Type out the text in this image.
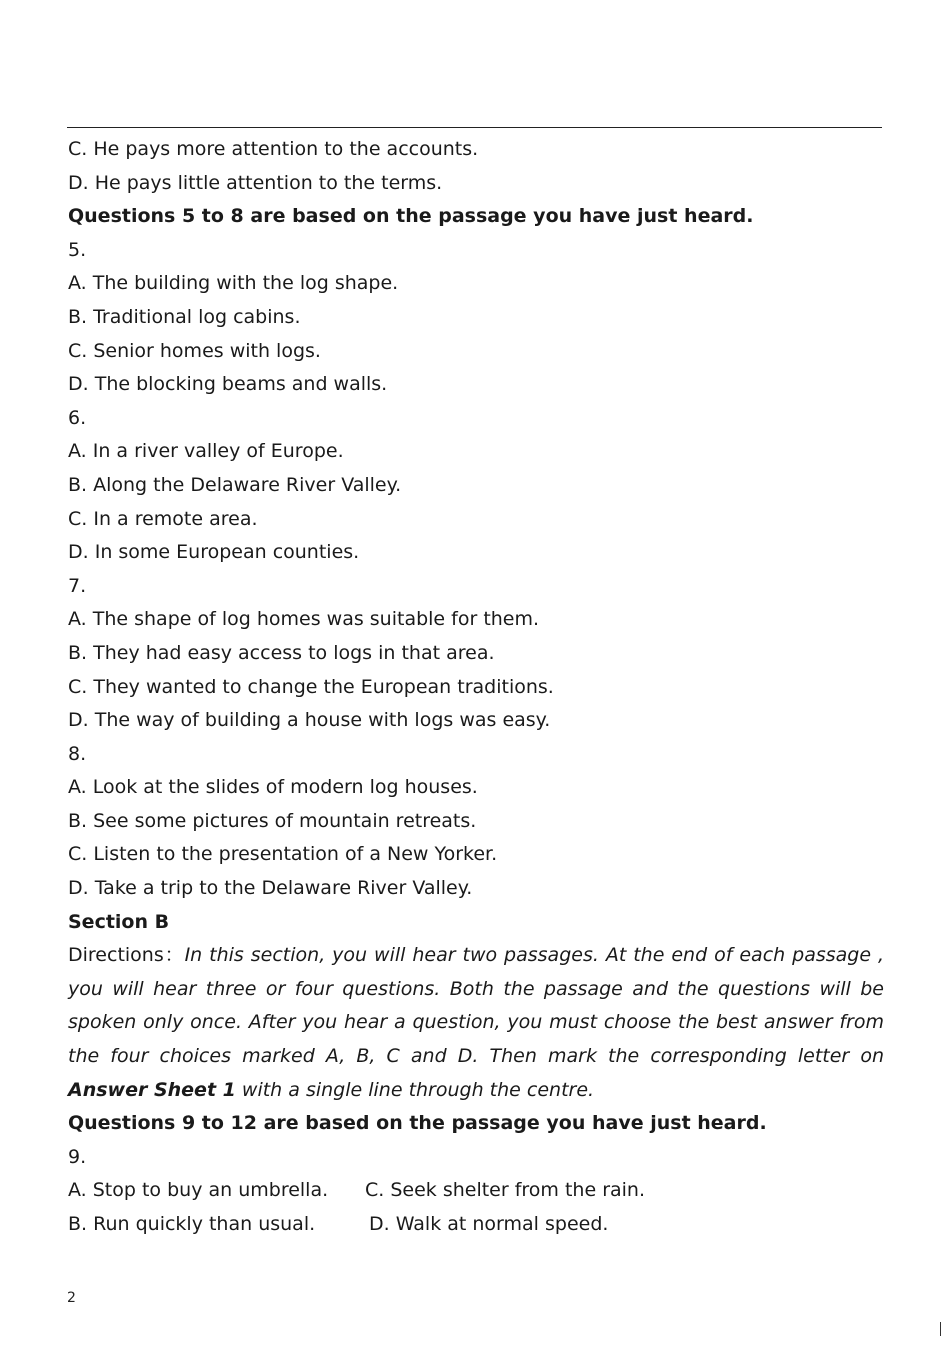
C. He pays more attention to the accounts.
D. He pays little attention to the terms.
Questions 5 to 8 are based on the passage you have just heard.
5.
A. The building with the log shape.
B. Traditional log cabins.
C. Senior homes with logs.
D. The blocking beams and walls.
6.
A. In a river valley of Europe.
B. Along the Delaware River Valley.
C. In a remote area.
D. In some European counties.
7.
A. The shape of log homes was suitable for them.
B. They had easy access to logs in that area.
C. They wanted to change the European traditions.
D. The way of building a house with logs was easy.
8.
A. Look at the slides of modern log houses.
B. See some pictures of mountain retreats.
C. Listen to the presentation of a New Yorker.
D. Take a trip to the Delaware River Valley.
Section B
Directions：In this section, you will hear two passages. At the end of each passage , you will hear three or four questions. Both the passage and the questions will be spoken only once. After you hear a question, you must choose the best answer from the four choices marked A, B, C and D. Then mark the corresponding letter on Answer Sheet 1 with a single line through the centre.
Questions 9 to 12 are based on the passage you have just heard.
9.
A. Stop to buy an umbrella.	C. Seek shelter from the rain.
B. Run quickly than usual.	D. Walk at normal speed.
2
